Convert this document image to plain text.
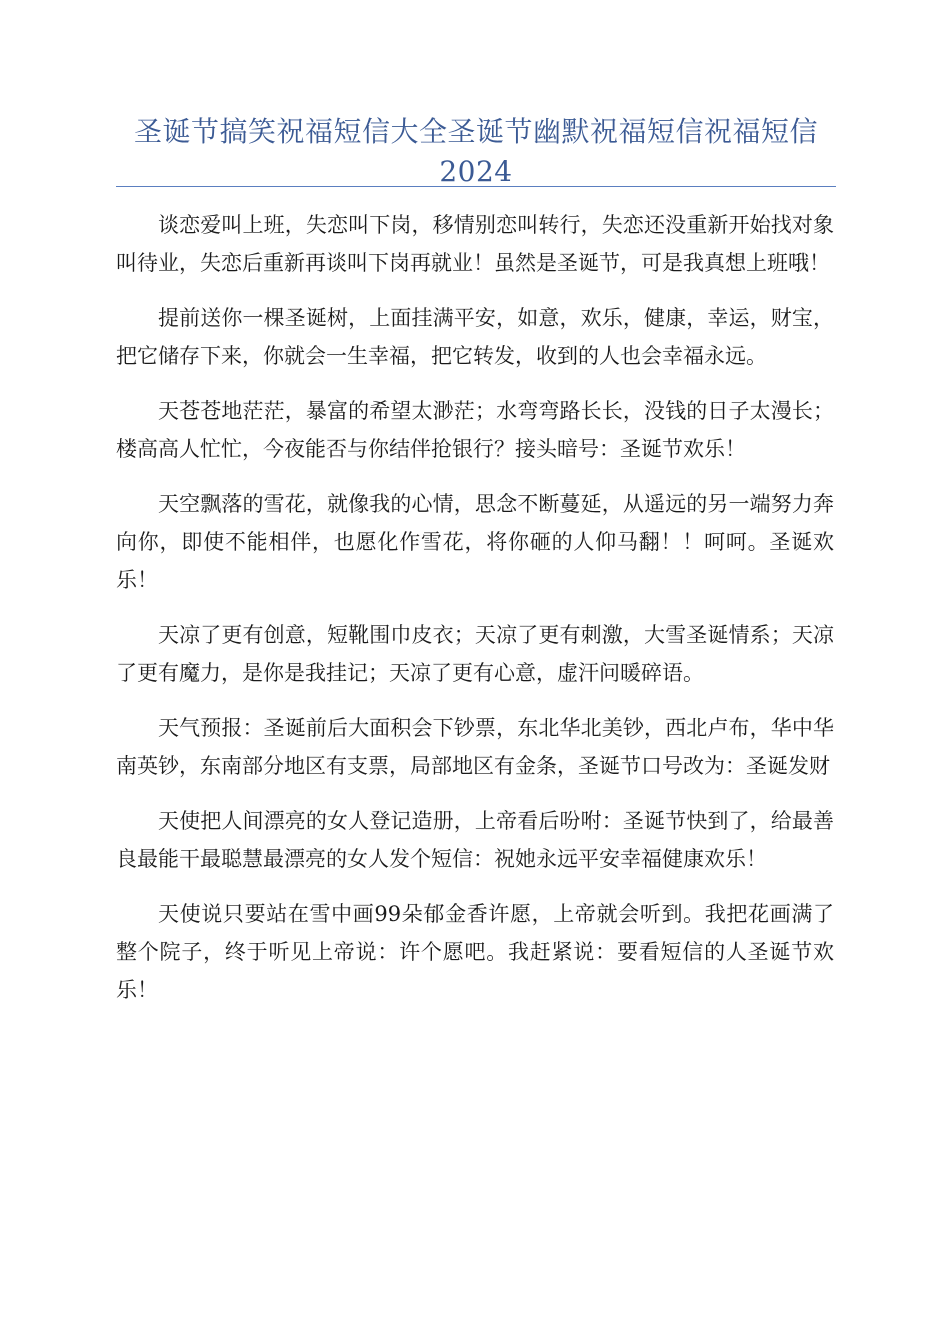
圣诞节搞笑祝福短信大全圣诞节幽默祝福短信祝福短信2024

谈恋爱叫上班，失恋叫下岗，移情别恋叫转行，失恋还没重新开始找对象叫待业，失恋后重新再谈叫下岗再就业！虽然是圣诞节，可是我真想上班哦！

提前送你一棵圣诞树，上面挂满平安，如意，欢乐，健康，幸运，财宝，把它储存下来，你就会一生幸福，把它转发，收到的人也会幸福永远。

天苍苍地茫茫，暴富的希望太渺茫；水弯弯路长长，没钱的日子太漫长；楼高高人忙忙，今夜能否与你结伴抢银行？接头暗号：圣诞节欢乐！

天空飘落的雪花，就像我的心情，思念不断蔓延，从遥远的另一端努力奔向你，即使不能相伴，也愿化作雪花，将你砸的人仰马翻！！呵呵。圣诞欢乐！

天凉了更有创意，短靴围巾皮衣；天凉了更有刺激，大雪圣诞情系；天凉了更有魔力，是你是我挂记；天凉了更有心意，虚汗问暖碎语。

天气预报：圣诞前后大面积会下钞票，东北华北美钞，西北卢布，华中华南英钞，东南部分地区有支票，局部地区有金条，圣诞节口号改为：圣诞发财

天使把人间漂亮的女人登记造册，上帝看后吩咐：圣诞节快到了，给最善良最能干最聪慧最漂亮的女人发个短信：祝她永远平安幸福健康欢乐！

天使说只要站在雪中画99朵郁金香许愿，上帝就会听到。我把花画满了整个院子，终于听见上帝说：许个愿吧。我赶紧说：要看短信的人圣诞节欢乐！
